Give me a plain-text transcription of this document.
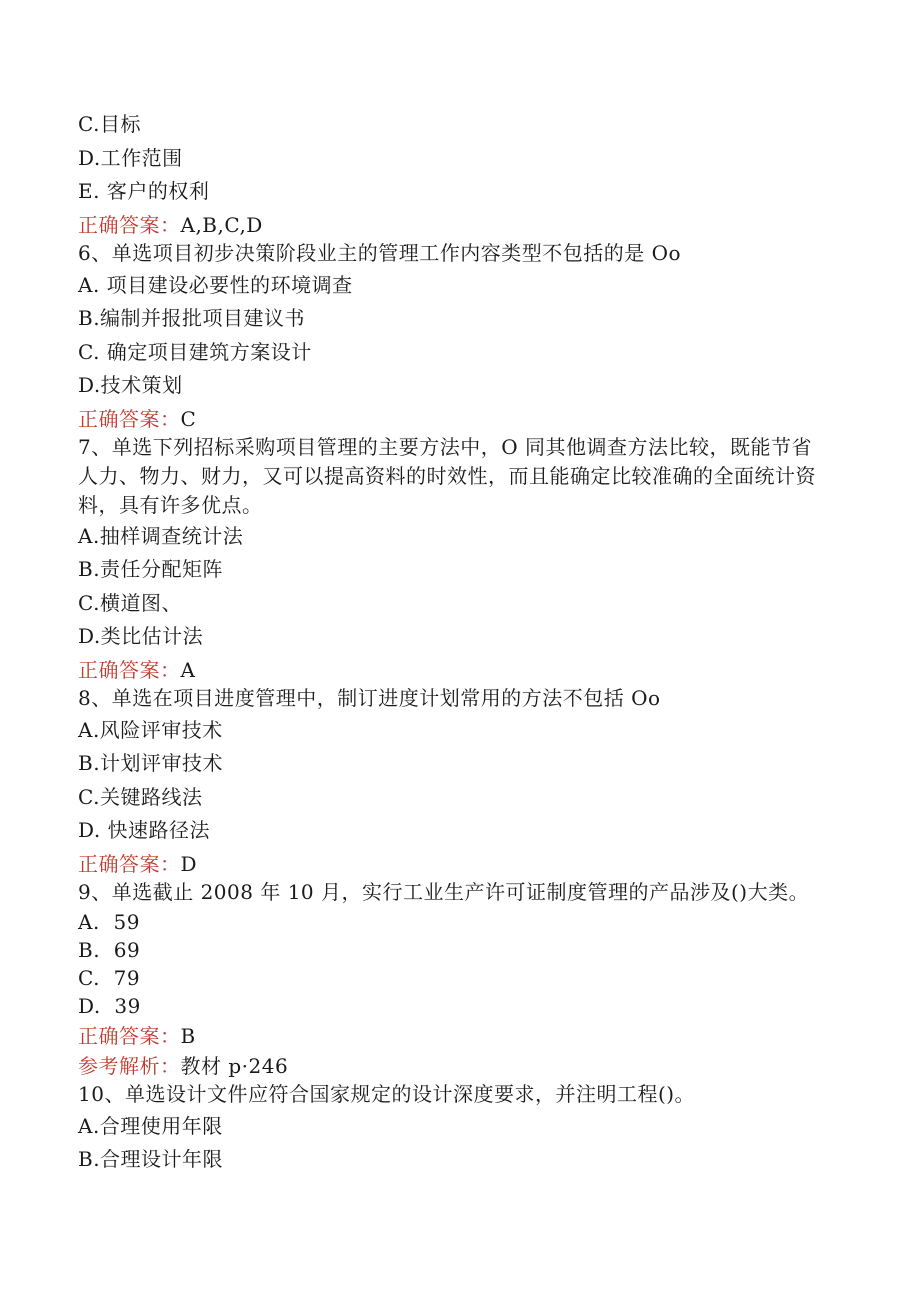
C.目标
D.工作范围
E. 客户的权利
正确答案：A,B,C,D
6、单选项目初步决策阶段业主的管理工作内容类型不包括的是 Oo
A. 项目建设必要性的环境调查
B.编制并报批项目建议书
C. 确定项目建筑方案设计
D.技术策划
正确答案：C
7、单选下列招标采购项目管理的主要方法中，O 同其他调查方法比较，既能节省人力、物力、财力，又可以提高资料的时效性，而且能确定比较准确的全面统计资料，具有许多优点。
A.抽样调查统计法
B.责任分配矩阵
C.横道图、
D.类比估计法
正确答案：A
8、单选在项目进度管理中，制订进度计划常用的方法不包括 Oo
A.风险评审技术
B.计划评审技术
C.关键路线法
D. 快速路径法
正确答案：D
9、单选截止 2008 年 10 月，实行工业生产许可证制度管理的产品涉及()大类。
A.  59
B.  69
C.  79
D.  39
正确答案：B
参考解析：教材 p·246
10、单选设计文件应符合国家规定的设计深度要求，并注明工程()。
A.合理使用年限
B.合理设计年限
